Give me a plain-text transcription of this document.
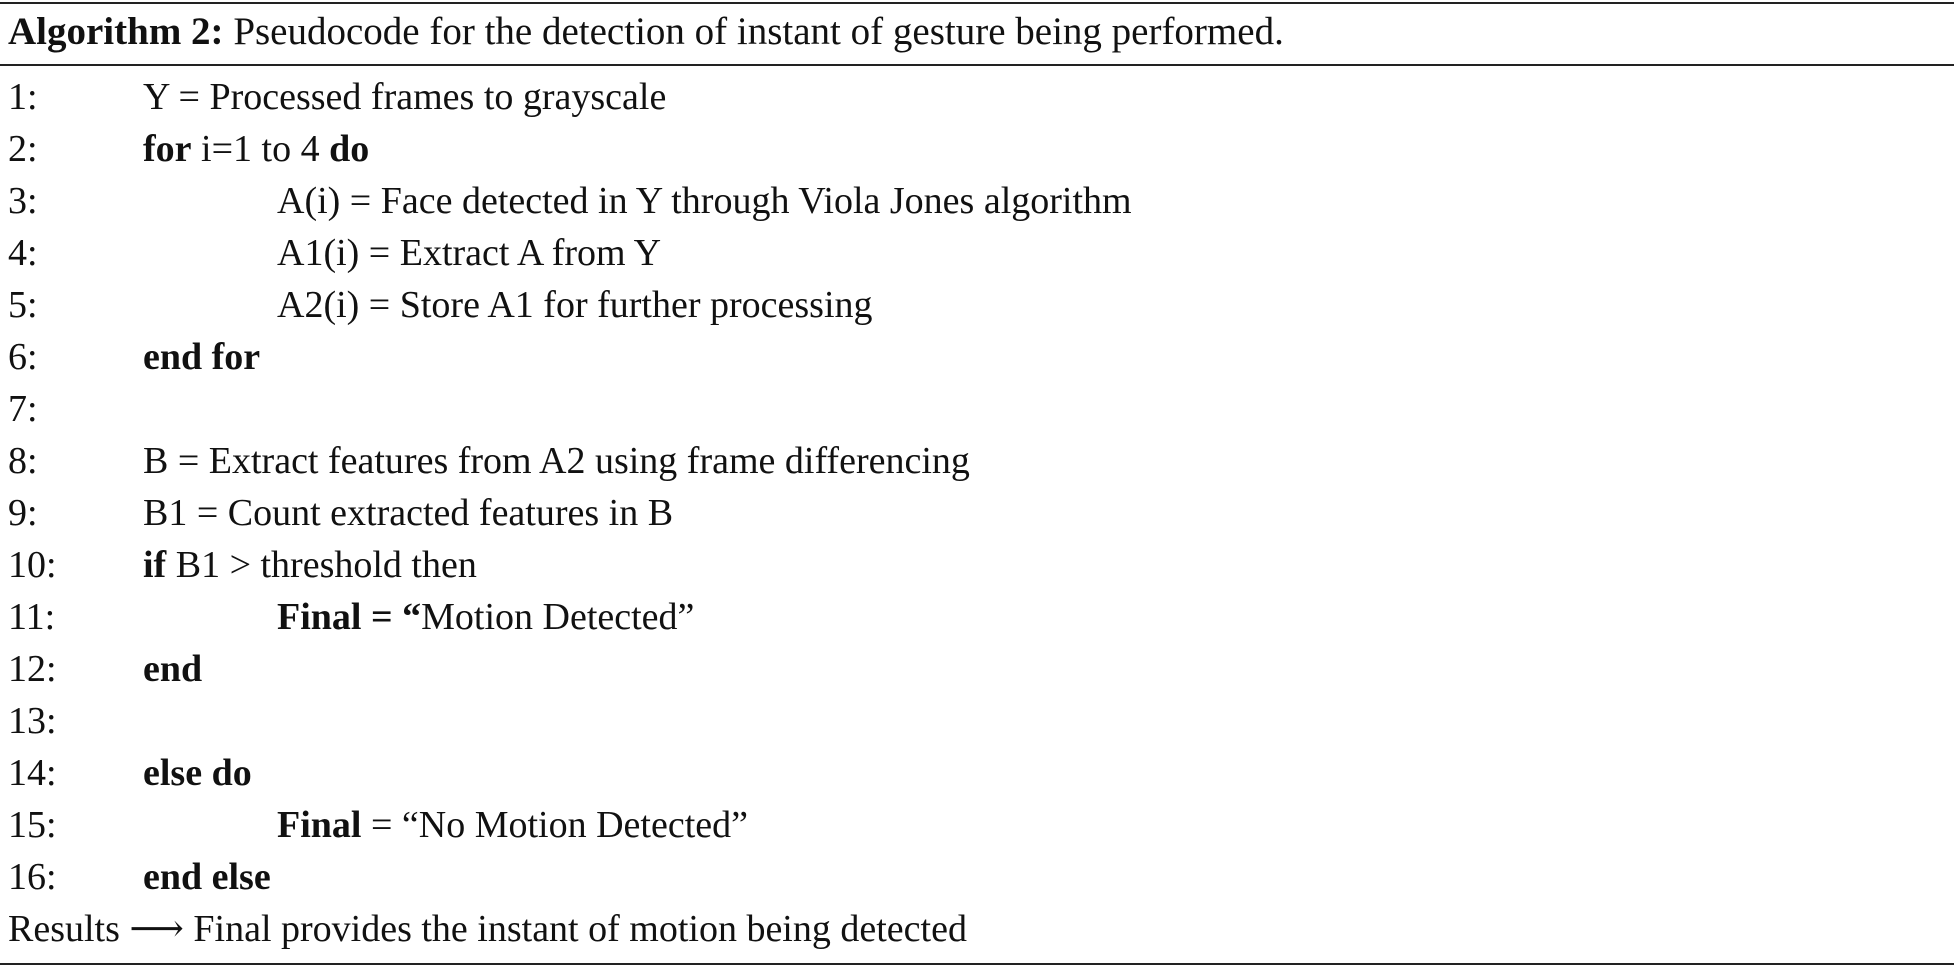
Algorithm 2: Pseudocode for the detection of instant of gesture being performed.
1:	Y = Processed frames to grayscale
2:	for i=1 to 4 do
3:	A(i) = Face detected in Y through Viola Jones algorithm
4:	A1(i) = Extract A from Y
5:	A2(i) = Store A1 for further processing
6:	end for
7:
8:	B = Extract features from A2 using frame differencing
9:	B1 = Count extracted features in B
10: if B1 > threshold then
11:	Final = “Motion Detected”
12: end
13:
14: else do
15:	Final = “No Motion Detected”
16: end else
Results ⟶ Final provides the instant of motion being detected
